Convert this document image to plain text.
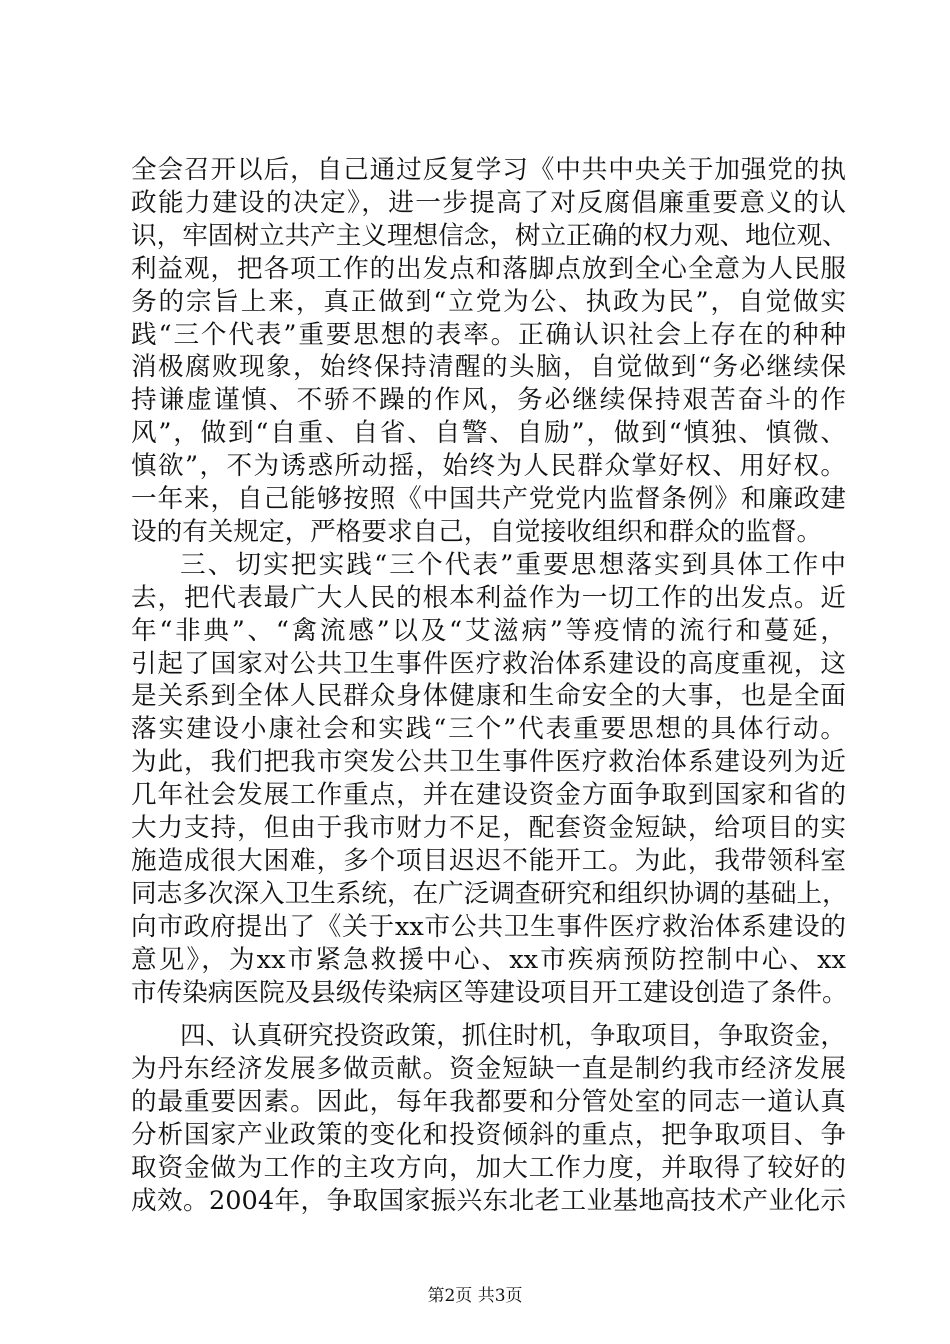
全会召开以后，自己通过反复学习《中共中央关于加强党的执
政能力建设的决定》，进一步提高了对反腐倡廉重要意义的认
识，牢固树立共产主义理想信念，树立正确的权力观、地位观、
利益观，把各项工作的出发点和落脚点放到全心全意为人民服
务的宗旨上来，真正做到“立党为公、执政为民”，自觉做实
践“三个代表”重要思想的表率。正确认识社会上存在的种种
消极腐败现象，始终保持清醒的头脑，自觉做到“务必继续保
持谦虚谨慎、不骄不躁的作风，务必继续保持艰苦奋斗的作
风”，做到“自重、自省、自警、自励”，做到“慎独、慎微、
慎欲”，不为诱惑所动摇，始终为人民群众掌好权、用好权。
一年来，自己能够按照《中国共产党党内监督条例》和廉政建
设的有关规定，严格要求自己，自觉接收组织和群众的监督。
三、切实把实践“三个代表”重要思想落实到具体工作中
去，把代表最广大人民的根本利益作为一切工作的出发点。近
年“非典”、“禽流感”以及“艾滋病”等疫情的流行和蔓延，
引起了国家对公共卫生事件医疗救治体系建设的高度重视，这
是关系到全体人民群众身体健康和生命安全的大事，也是全面
落实建设小康社会和实践“三个”代表重要思想的具体行动。
为此，我们把我市突发公共卫生事件医疗救治体系建设列为近
几年社会发展工作重点，并在建设资金方面争取到国家和省的
大力支持，但由于我市财力不足，配套资金短缺，给项目的实
施造成很大困难，多个项目迟迟不能开工。为此，我带领科室
同志多次深入卫生系统，在广泛调查研究和组织协调的基础上，
向市政府提出了《关于xx市公共卫生事件医疗救治体系建设的
意见》，为xx市紧急救援中心、xx市疾病预防控制中心、xx
市传染病医院及县级传染病区等建设项目开工建设创造了条件。
四、认真研究投资政策，抓住时机，争取项目，争取资金，
为丹东经济发展多做贡献。资金短缺一直是制约我市经济发展
的最重要因素。因此，每年我都要和分管处室的同志一道认真
分析国家产业政策的变化和投资倾斜的重点，把争取项目、争
取资金做为工作的主攻方向，加大工作力度，并取得了较好的
成效。2004年，争取国家振兴东北老工业基地高技术产业化示
第2页 共3页
